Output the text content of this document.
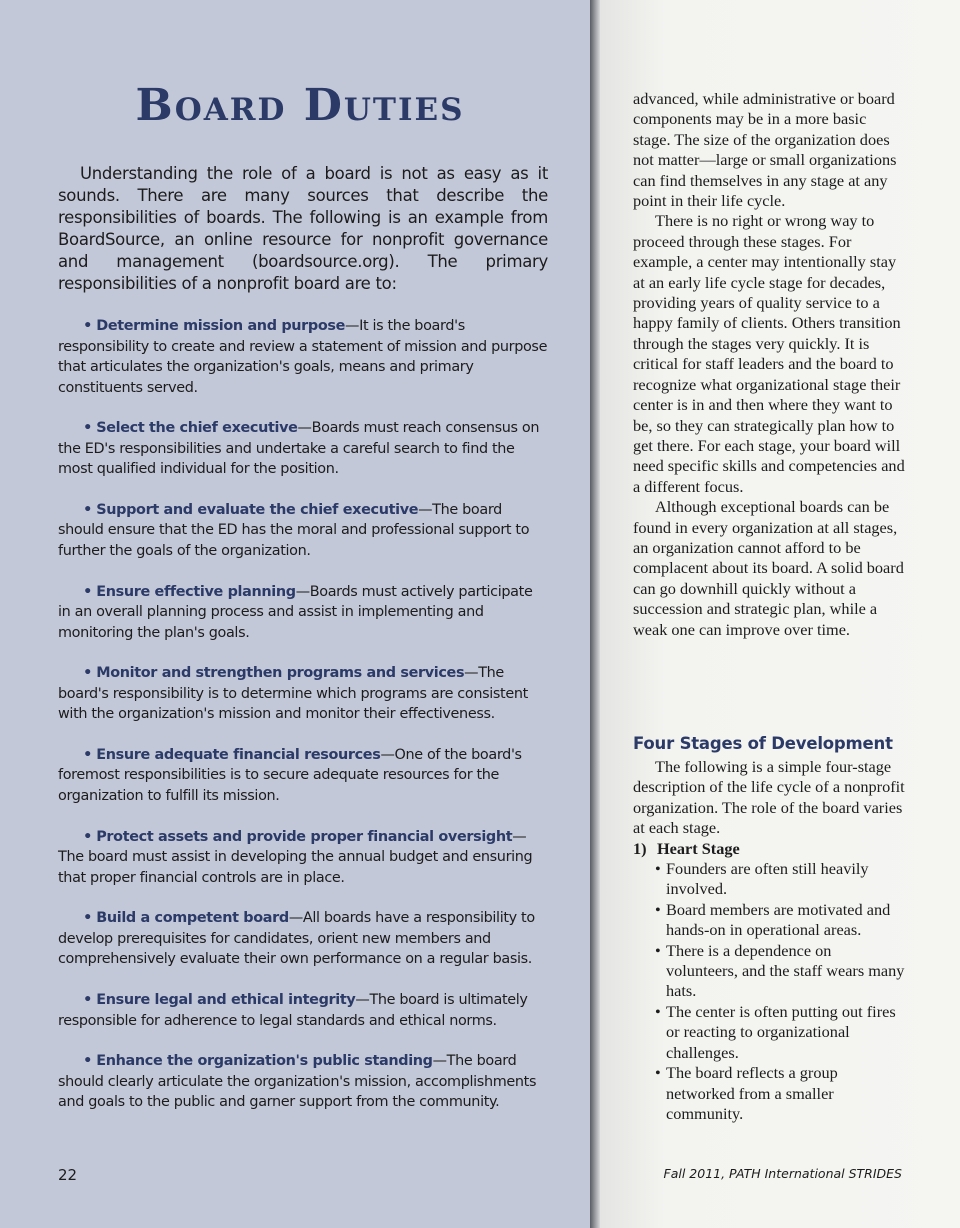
Board Duties

Understanding the role of a board is not as easy as it sounds. There are many sources that describe the responsibilities of boards. The following is an example from BoardSource, an online resource for nonprofit governance and management (boardsource.org). The primary responsibilities of a nonprofit board are to:

• Determine mission and purpose—It is the board's responsibility to create and review a statement of mission and purpose that articulates the organization's goals, means and primary constituents served.
• Select the chief executive—Boards must reach consensus on the ED's responsibilities and undertake a careful search to find the most qualified individual for the position.
• Support and evaluate the chief executive—The board should ensure that the ED has the moral and professional support to further the goals of the organization.
• Ensure effective planning—Boards must actively participate in an overall planning process and assist in implementing and monitoring the plan's goals.
• Monitor and strengthen programs and services—The board's responsibility is to determine which programs are consistent with the organization's mission and monitor their effectiveness.
• Ensure adequate financial resources—One of the board's foremost responsibilities is to secure adequate resources for the organization to fulfill its mission.
• Protect assets and provide proper financial oversight—The board must assist in developing the annual budget and ensuring that proper financial controls are in place.
• Build a competent board—All boards have a responsibility to develop prerequisites for candidates, orient new members and comprehensively evaluate their own performance on a regular basis.
• Ensure legal and ethical integrity—The board is ultimately responsible for adherence to legal standards and ethical norms.
• Enhance the organization's public standing—The board should clearly articulate the organization's mission, accomplishments and goals to the public and garner support from the community.
22

advanced, while administrative or board components may be in a more basic stage. The size of the organization does not matter—large or small organizations can find themselves in any stage at any point in their life cycle.

There is no right or wrong way to proceed through these stages. For example, a center may intentionally stay at an early life cycle stage for decades, providing years of quality service to a happy family of clients. Others transition through the stages very quickly. It is critical for staff leaders and the board to recognize what organizational stage their center is in and then where they want to be, so they can strategically plan how to get there. For each stage, your board will need specific skills and competencies and a different focus.

Although exceptional boards can be found in every organization at all stages, an organization cannot afford to be complacent about its board. A solid board can go downhill quickly without a succession and strategic plan, while a weak one can improve over time.

Four Stages of Development

The following is a simple four-stage description of the life cycle of a nonprofit organization. The role of the board varies at each stage.

1) Heart Stage

• Founders are often still heavily involved.
• Board members are motivated and hands-on in operational areas.
• There is a dependence on volunteers, and the staff wears many hats.
• The center is often putting out fires or reacting to organizational challenges.
• The board reflects a group networked from a smaller community.
Fall 2011, PATH International STRIDES
